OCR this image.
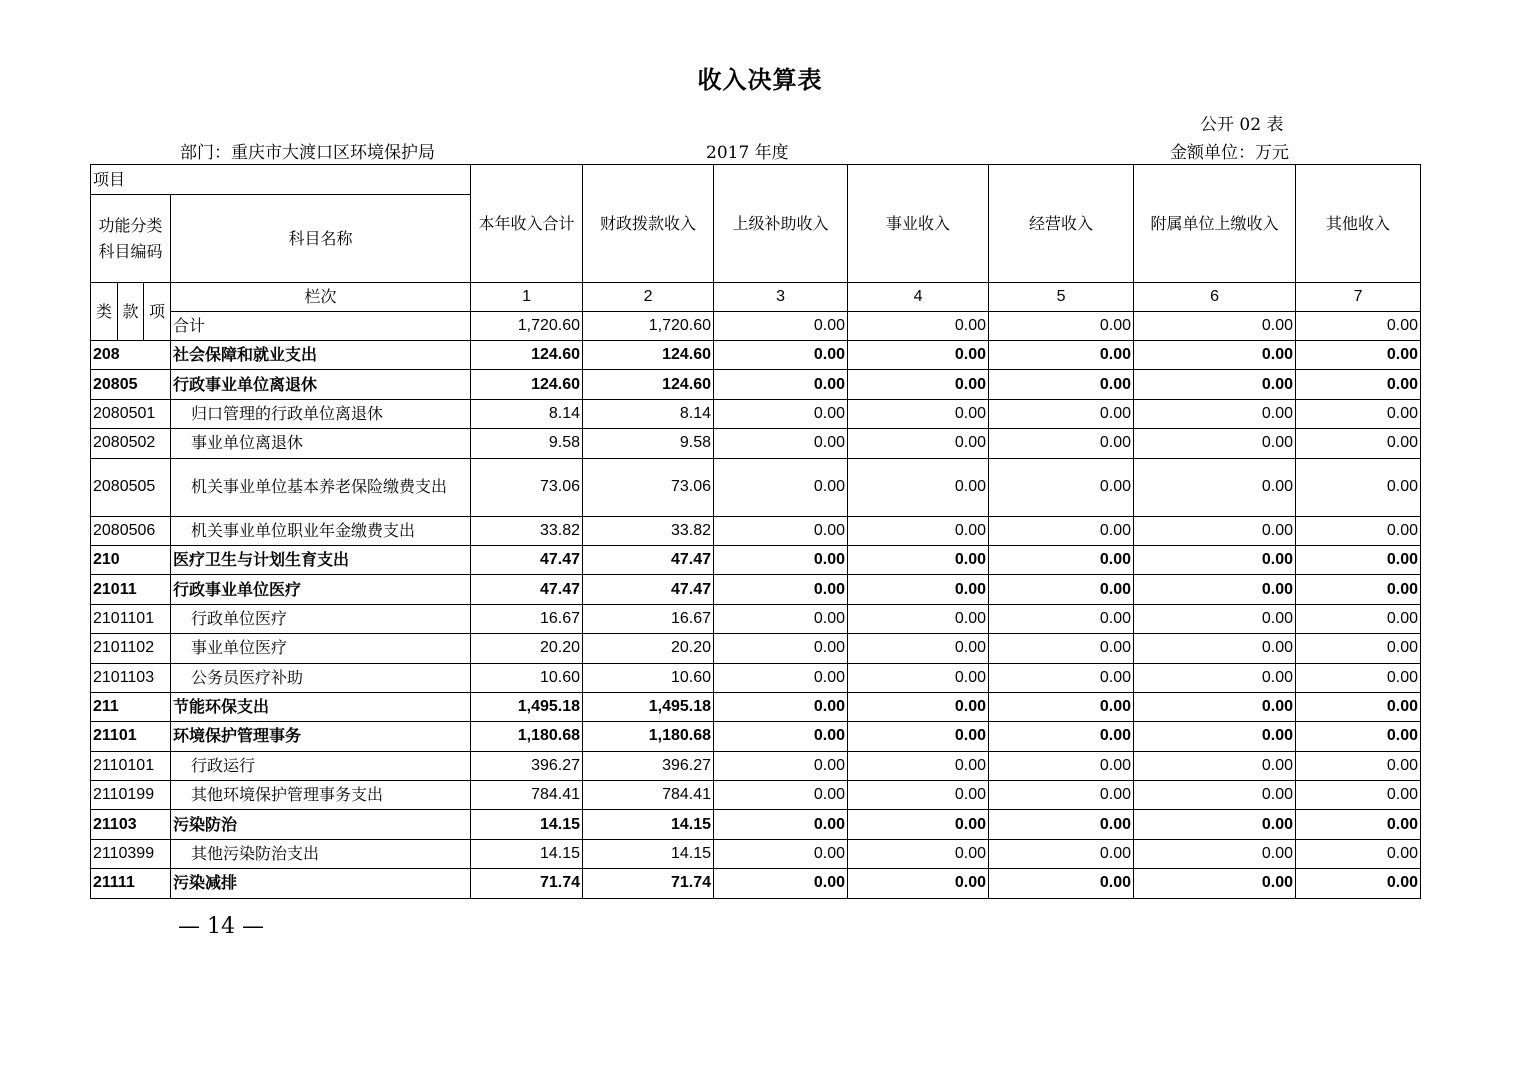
收入决算表
公开 02 表
部门：重庆市大渡口区环境保护局	2017 年度	金额单位：万元
项目				本年收入合计	财政拨款收入	上级补助收入	事业收入	经营收入	附属单位上缴收入	其他收入
功能分类科目编码			科目名称							
类	款	项	栏次	1	2	3	4	5	6	7
			合计	1,720.60	1,720.60	0.00	0.00	0.00	0.00	0.00
208			社会保障和就业支出	124.60	124.60	0.00	0.00	0.00	0.00	0.00
20805			行政事业单位离退休	124.60	124.60	0.00	0.00	0.00	0.00	0.00
2080501			归口管理的行政单位离退休	8.14	8.14	0.00	0.00	0.00	0.00	0.00
2080502			事业单位离退休	9.58	9.58	0.00	0.00	0.00	0.00	0.00
2080505			机关事业单位基本养老保险缴费支出	73.06	73.06	0.00	0.00	0.00	0.00	0.00
2080506			机关事业单位职业年金缴费支出	33.82	33.82	0.00	0.00	0.00	0.00	0.00
210			医疗卫生与计划生育支出	47.47	47.47	0.00	0.00	0.00	0.00	0.00
21011			行政事业单位医疗	47.47	47.47	0.00	0.00	0.00	0.00	0.00
2101101			行政单位医疗	16.67	16.67	0.00	0.00	0.00	0.00	0.00
2101102			事业单位医疗	20.20	20.20	0.00	0.00	0.00	0.00	0.00
2101103			公务员医疗补助	10.60	10.60	0.00	0.00	0.00	0.00	0.00
211			节能环保支出	1,495.18	1,495.18	0.00	0.00	0.00	0.00	0.00
21101			环境保护管理事务	1,180.68	1,180.68	0.00	0.00	0.00	0.00	0.00
2110101			行政运行	396.27	396.27	0.00	0.00	0.00	0.00	0.00
2110199			其他环境保护管理事务支出	784.41	784.41	0.00	0.00	0.00	0.00	0.00
21103			污染防治	14.15	14.15	0.00	0.00	0.00	0.00	0.00
2110399			其他污染防治支出	14.15	14.15	0.00	0.00	0.00	0.00	0.00
21111			污染减排	71.74	71.74	0.00	0.00	0.00	0.00	0.00
— 14 —
